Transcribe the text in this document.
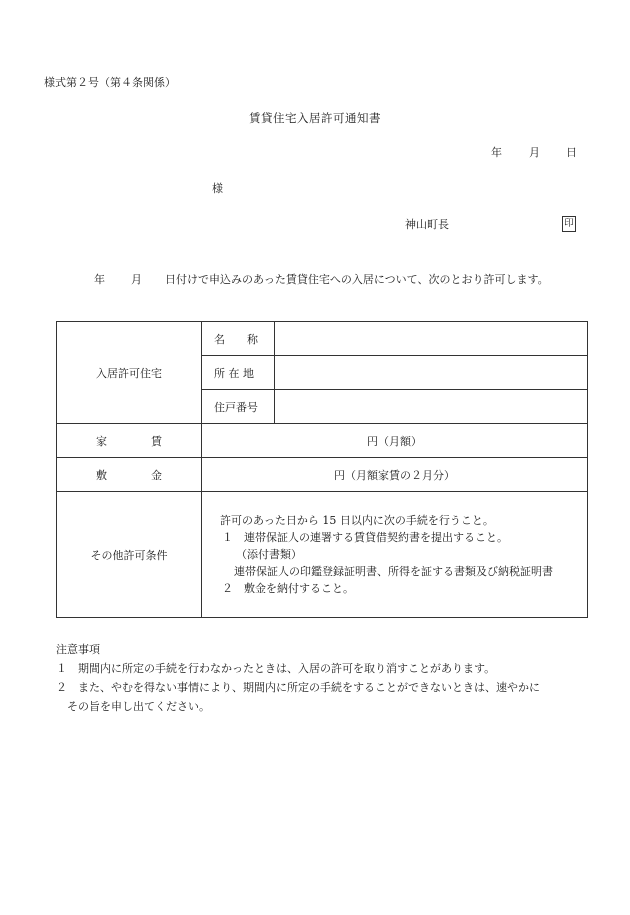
様式第２号（第４条関係）
賃貸住宅入居許可通知書
年 月 日
様
神山町長	印
年 月 日付けで申込みのあった賃貸住宅への入居について、次のとおり許可します。
入居許可住宅	名　　称	
	所 在 地	
	住戸番号	
家　　　　賃	円（月額）	
敷　　　　金	円（月額家賃の２月分）	
その他許可条件	許可のあった日から 15 日以内に次の手続を行うこと。
１　連帯保証人の連署する賃貸借契約書を提出すること。
（添付書類）
連帯保証人の印鑑登録証明書、所得を証する書類及び納税証明書
２　敷金を納付すること。	
注意事項
１　期間内に所定の手続を行わなかったときは、入居の許可を取り消すことがあります。
２　また、やむを得ない事情により、期間内に所定の手続をすることができないときは、速やかに
その旨を申し出てください。
